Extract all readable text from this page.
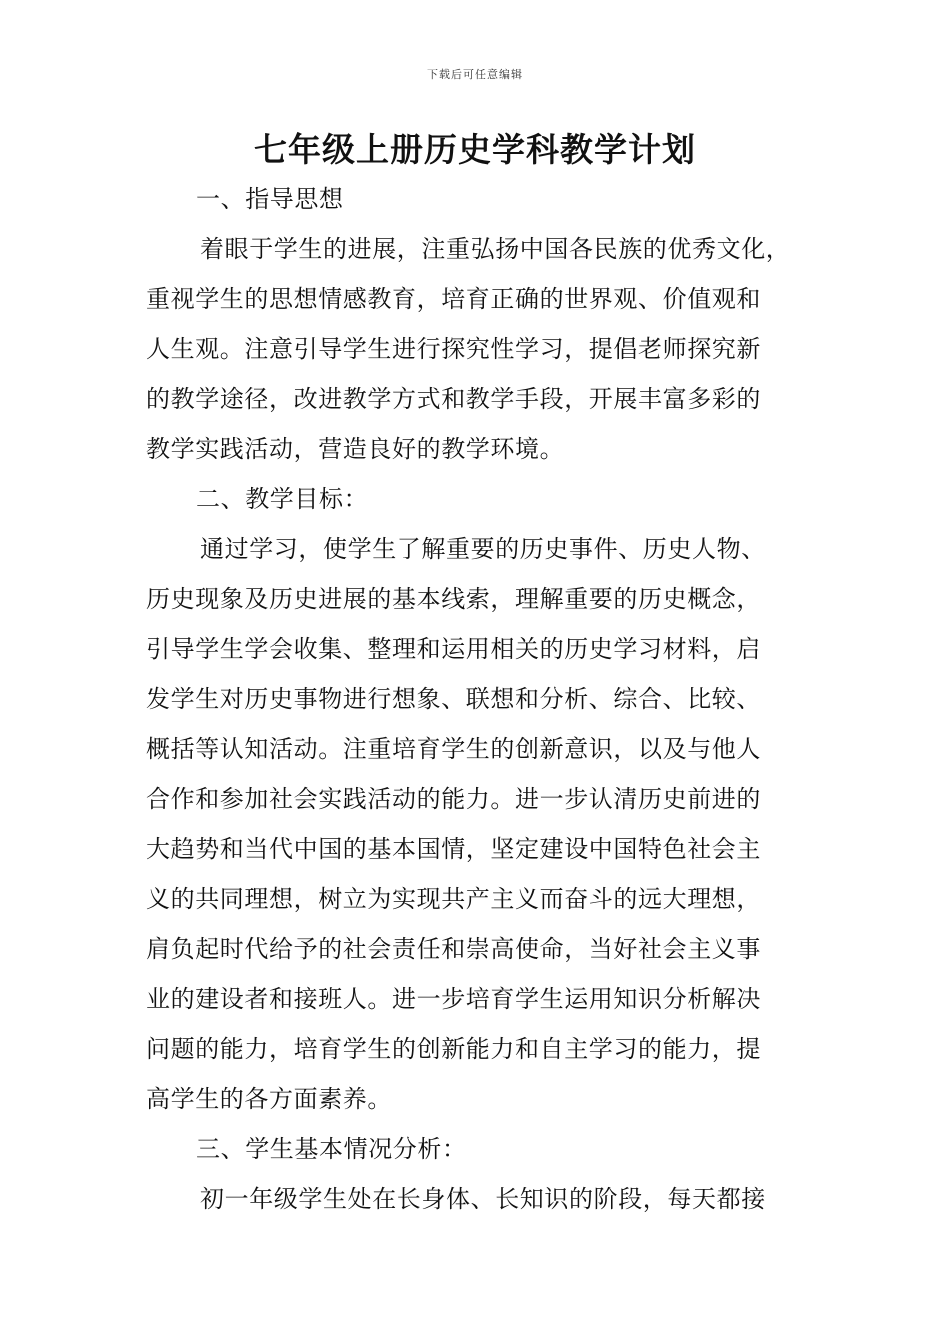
下载后可任意编辑
七年级上册历史学科教学计划
一、指导思想
着眼于学生的进展，注重弘扬中国各民族的优秀文化，
重视学生的思想情感教育，培育正确的世界观、价值观和
人生观。注意引导学生进行探究性学习，提倡老师探究新
的教学途径，改进教学方式和教学手段，开展丰富多彩的
教学实践活动，营造良好的教学环境。
二、教学目标：
通过学习，使学生了解重要的历史事件、历史人物、
历史现象及历史进展的基本线索，理解重要的历史概念，
引导学生学会收集、整理和运用相关的历史学习材料，启
发学生对历史事物进行想象、联想和分析、综合、比较、
概括等认知活动。注重培育学生的创新意识，以及与他人
合作和参加社会实践活动的能力。进一步认清历史前进的
大趋势和当代中国的基本国情，坚定建设中国特色社会主
义的共同理想，树立为实现共产主义而奋斗的远大理想，
肩负起时代给予的社会责任和崇高使命，当好社会主义事
业的建设者和接班人。进一步培育学生运用知识分析解决
问题的能力，培育学生的创新能力和自主学习的能力，提
高学生的各方面素养。
三、学生基本情况分析：
初一年级学生处在长身体、长知识的阶段，每天都接
